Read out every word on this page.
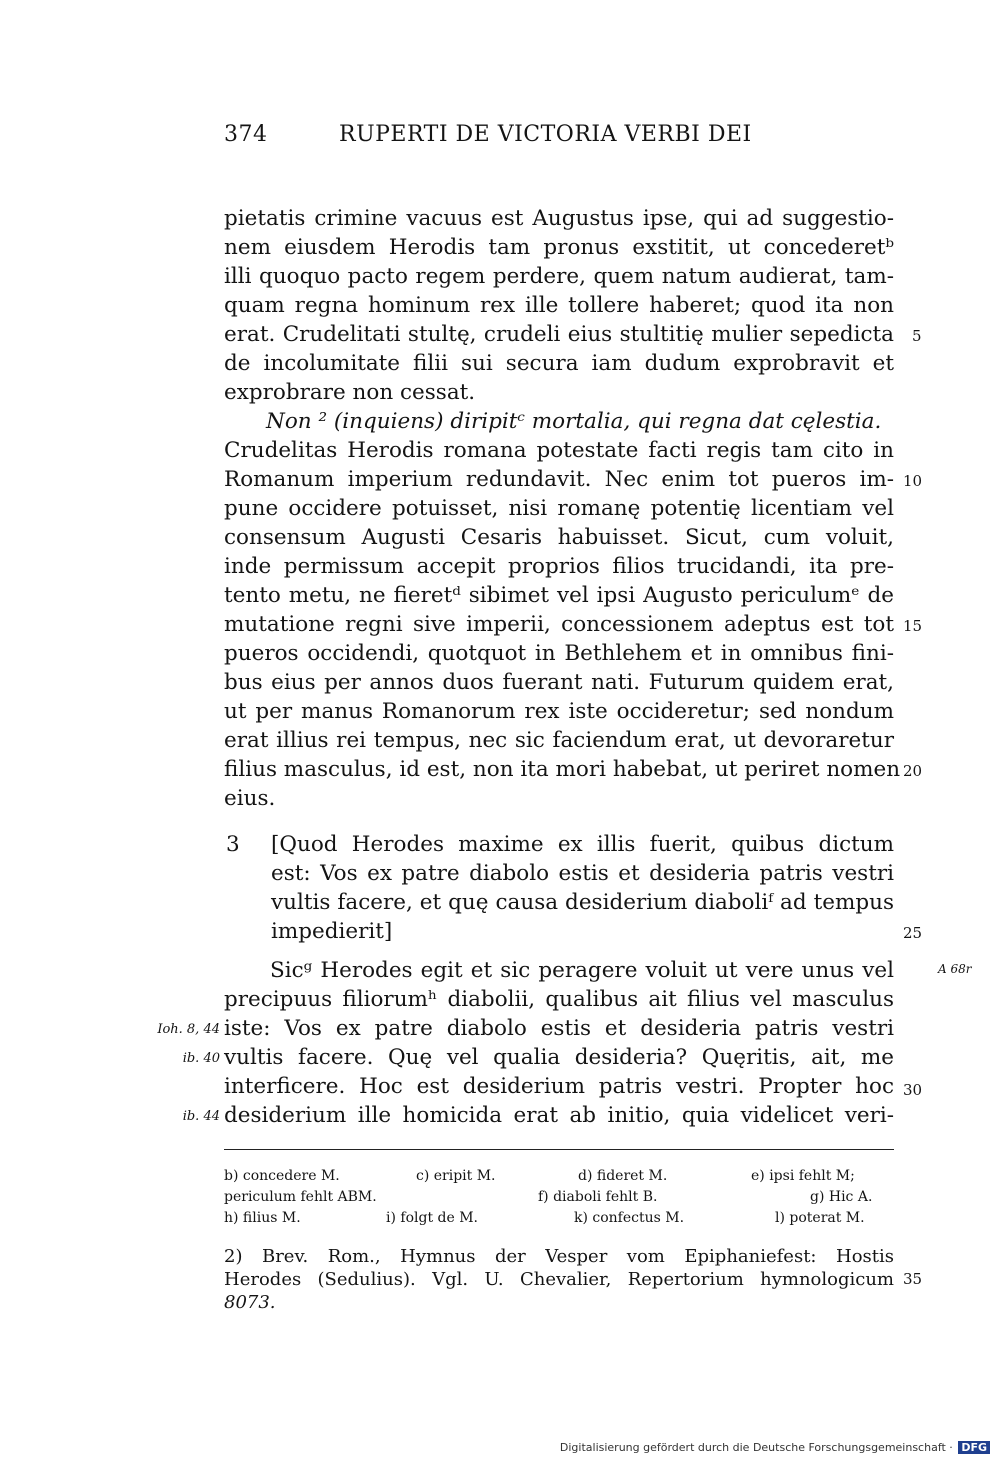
374	RUPERTI DE VICTORIA VERBI DEI
pietatis crimine vacuus est Augustus ipse, qui ad suggestio-
nem eiusdem Herodis tam pronus exstitit, ut concederetᵇ
illi quoquo pacto regem perdere, quem natum audierat, tam-
quam regna hominum rex ille tollere haberet; quod ita non
erat. Crudelitati stultę, crudeli eius stultitię mulier sepedicta
de incolumitate filii sui secura iam dudum exprobravit et
exprobrare non cessat.
Non ² (inquiens) diripitᶜ mortalia, qui regna dat cęlestia.
Crudelitas Herodis romana potestate facti regis tam cito in
Romanum imperium redundavit. Nec enim tot pueros im-
pune occidere potuisset, nisi romanę potentię licentiam vel
consensum Augusti Cesaris habuisset. Sicut, cum voluit,
inde permissum accepit proprios filios trucidandi, ita pre-
tento metu, ne fieretᵈ sibimet vel ipsi Augusto periculumᵉ de
mutatione regni sive imperii, concessionem adeptus est tot
pueros occidendi, quotquot in Bethlehem et in omnibus fini-
bus eius per annos duos fuerant nati. Futurum quidem erat,
ut per manus Romanorum rex iste occideretur; sed nondum
erat illius rei tempus, nec sic faciendum erat, ut devoraretur
filius masculus, id est, non ita mori habebat, ut periret nomen
eius.
3 [Quod Herodes maxime ex illis fuerit, quibus dictum
est: Vos ex patre diabolo estis et desideria patris vestri
vultis facere, et quę causa desiderium diaboliᶠ ad tempus
impedierit]
Sicᵍ Herodes egit et sic peragere voluit ut vere unus vel
precipuus filiorumʰ diabolii, qualibus ait filius vel masculus
iste: Vos ex patre diabolo estis et desideria patris vestri
vultis facere. Quę vel qualia desideria? Quęritis, ait, me
interficere. Hoc est desiderium patris vestri. Propter hoc
desiderium ille homicida erat ab initio, quia videlicet veri-
5
10
15
20
25
30
35
Ioh. 8, 44
ib. 40
ib. 44
A 68r
b) concedere M.	c) eripit M.	d) fideret M.	e) ipsi fehlt M;
periculum fehlt ABM.	f) diaboli fehlt B.	g) Hic A.
h) filius M.	i) folgt de M.	k) confectus M.	l) poterat M.
2) Brev. Rom., Hymnus der Vesper vom Epiphaniefest: Hostis
Herodes (Sedulius). Vgl. U. Chevalier, Repertorium hymnologicum
8073.
Digitalisierung gefördert durch die Deutsche Forschungsgemeinschaft · DFG
